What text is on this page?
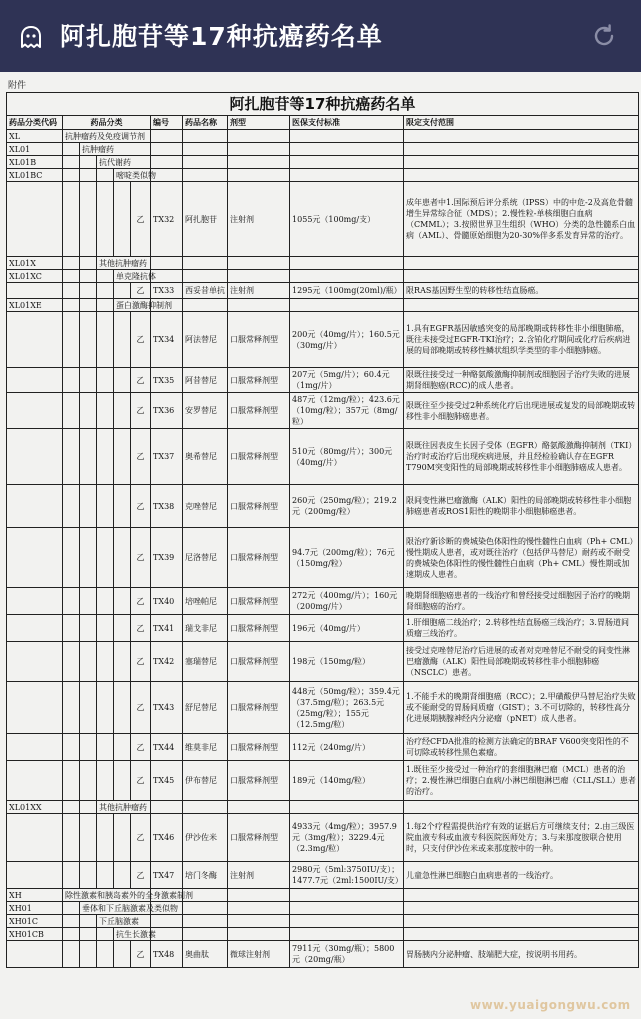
阿扎胞苷等17种抗癌药名单
附件
阿扎胞苷等17种抗癌药名单
药品分类代码	药品分类					编号	药品名称	剂型	医保支付标准	限定支付范围
XL	抗肿瘤药及免疫调节剂									
XL01		抗肿瘤药								
XL01B			抗代谢药							
XL01BC				嘧啶类似物						
					乙	TX32	阿扎胞苷	注射剂	1055元（100mg/支）	成年患者中1.国际预后评分系统（IPSS）中的中危-2及高危骨髓增生异常综合征（MDS）；2.慢性粒-单核细胞白血病（CMML）；3.按照世界卫生组织（WHO）分类的急性髓系白血病（AML）、骨髓原始细胞为20-30%伴多系发育异常的治疗。
XL01X			其他抗肿瘤药							
XL01XC				单克隆抗体						
					乙	TX33	西妥昔单抗	注射剂	1295元（100mg(20ml)/瓶）	限RAS基因野生型的转移性结直肠癌。
XL01XE				蛋白激酶抑制剂						
					乙	TX34	阿法替尼	口服常释剂型	200元（40mg/片）；160.5元（30mg/片）	1.具有EGFR基因敏感突变的局部晚期或转移性非小细胞肺癌，既往未接受过EGFR-TKI治疗；2.含铂化疗期间或化疗后疾病进展的局部晚期或转移性鳞状组织学类型的非小细胞肺癌。
					乙	TX35	阿昔替尼	口服常释剂型	207元（5mg/片）；60.4元（1mg/片）	限既往接受过一种酪氨酸激酶抑制剂或细胞因子治疗失败的进展期肾细胞癌(RCC)的成人患者。
					乙	TX36	安罗替尼	口服常释剂型	487元（12mg/粒）；423.6元（10mg/粒）；357元（8mg/粒）	限既往至少接受过2种系统化疗后出现进展或复发的局部晚期或转移性非小细胞肺癌患者。
					乙	TX37	奥希替尼	口服常释剂型	510元（80mg/片）；300元（40mg/片）	限既往因表皮生长因子受体（EGFR）酪氨酸激酶抑制剂（TKI）治疗时或治疗后出现疾病进展，并且经检验确认存在EGFR T790M突变阳性的局部晚期或转移性非小细胞肺癌成人患者。
					乙	TX38	克唑替尼	口服常释剂型	260元（250mg/粒）；219.2元（200mg/粒）	限间变性淋巴瘤激酶（ALK）阳性的局部晚期或转移性非小细胞肺癌患者或ROS1阳性的晚期非小细胞肺癌患者。
					乙	TX39	尼洛替尼	口服常释剂型	94.7元（200mg/粒）；76元（150mg/粒）	限治疗新诊断的费城染色体阳性的慢性髓性白血病（Ph+ CML）慢性期成人患者，或对既往治疗（包括伊马替尼）耐药或不耐受的费城染色体阳性的慢性髓性白血病（Ph+ CML）慢性期或加速期成人患者。
					乙	TX40	培唑帕尼	口服常释剂型	272元（400mg/片）；160元（200mg/片）	晚期肾细胞癌患者的一线治疗和曾经接受过细胞因子治疗的晚期肾细胞癌的治疗。
					乙	TX41	瑞戈非尼	口服常释剂型	196元（40mg/片）	1.肝细胞癌二线治疗；2.转移性结直肠癌三线治疗；3.胃肠道间质瘤三线治疗。
					乙	TX42	塞瑞替尼	口服常释剂型	198元（150mg/粒）	接受过克唑替尼治疗后进展的或者对克唑替尼不耐受的间变性淋巴瘤激酶（ALK）阳性局部晚期或转移性非小细胞肺癌（NSCLC）患者。
					乙	TX43	舒尼替尼	口服常释剂型	448元（50mg/粒）；359.4元（37.5mg/粒）；263.5元（25mg/粒）；155元（12.5mg/粒）	1.不能手术的晚期肾细胞癌（RCC）；2.甲磺酸伊马替尼治疗失败或不能耐受的胃肠间质瘤（GIST）；3.不可切除的，转移性高分化进展期胰腺神经内分泌瘤（pNET）成人患者。
					乙	TX44	维莫非尼	口服常释剂型	112元（240mg/片）	治疗经CFDA批准的检测方法确定的BRAF V600突变阳性的不可切除或转移性黑色素瘤。
					乙	TX45	伊布替尼	口服常释剂型	189元（140mg/粒）	1.既往至少接受过一种治疗的套细胞淋巴瘤（MCL）患者的治疗；2.慢性淋巴细胞白血病/小淋巴细胞淋巴瘤（CLL/SLL）患者的治疗。
XL01XX			其他抗肿瘤药							
					乙	TX46	伊沙佐米	口服常释剂型	4933元（4mg/粒）；3957.9元（3mg/粒）；3229.4元（2.3mg/粒）	1.每2个疗程需提供治疗有效的证据后方可继续支付；2.由三级医院血液专科或血液专科医院医师处方；3.与来那度胺联合使用时，只支付伊沙佐米或来那度胺中的一种。
					乙	TX47	培门冬酶	注射剂	2980元（5ml:3750IU/支）；1477.7元（2ml:1500IU/支）	儿童急性淋巴细胞白血病患者的一线治疗。
XH	除性激素和胰岛素外的全身激素制剂									
XH01		垂体和下丘脑激素及类似物								
XH01C			下丘脑激素							
XH01CB				抗生长激素						
					乙	TX48	奥曲肽	微球注射剂	7911元（30mg/瓶）；5800元（20mg/瓶）	胃肠胰内分泌肿瘤、肢端肥大症，按说明书用药。
www.yuaigongwu.com
